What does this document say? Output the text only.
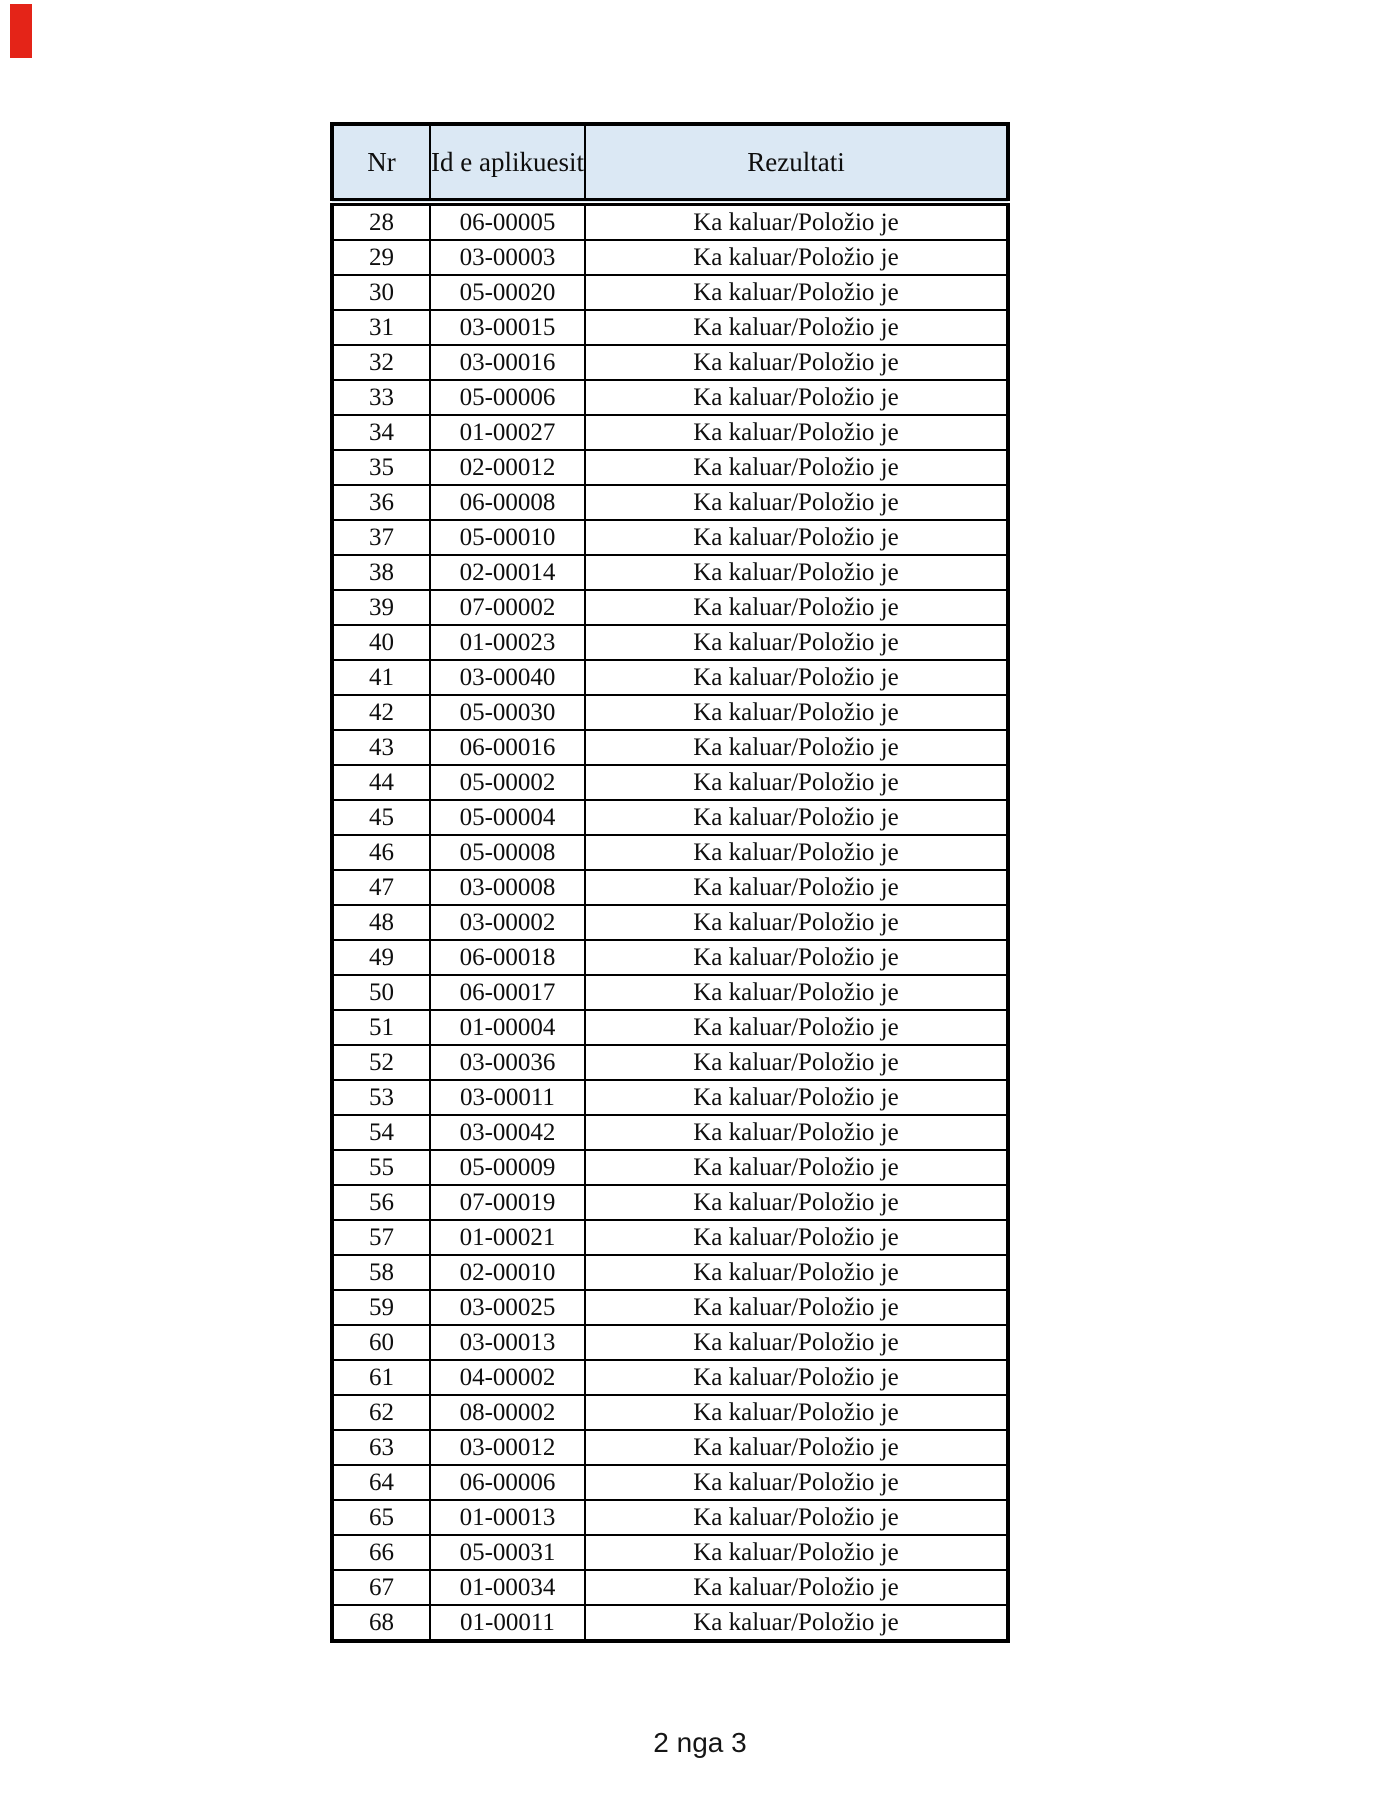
Nr	Id e aplikuesit	Rezultati
28	06-00005	Ka kaluar/Položio je
29	03-00003	Ka kaluar/Položio je
30	05-00020	Ka kaluar/Položio je
31	03-00015	Ka kaluar/Položio je
32	03-00016	Ka kaluar/Položio je
33	05-00006	Ka kaluar/Položio je
34	01-00027	Ka kaluar/Položio je
35	02-00012	Ka kaluar/Položio je
36	06-00008	Ka kaluar/Položio je
37	05-00010	Ka kaluar/Položio je
38	02-00014	Ka kaluar/Položio je
39	07-00002	Ka kaluar/Položio je
40	01-00023	Ka kaluar/Položio je
41	03-00040	Ka kaluar/Položio je
42	05-00030	Ka kaluar/Položio je
43	06-00016	Ka kaluar/Položio je
44	05-00002	Ka kaluar/Položio je
45	05-00004	Ka kaluar/Položio je
46	05-00008	Ka kaluar/Položio je
47	03-00008	Ka kaluar/Položio je
48	03-00002	Ka kaluar/Položio je
49	06-00018	Ka kaluar/Položio je
50	06-00017	Ka kaluar/Položio je
51	01-00004	Ka kaluar/Položio je
52	03-00036	Ka kaluar/Položio je
53	03-00011	Ka kaluar/Položio je
54	03-00042	Ka kaluar/Položio je
55	05-00009	Ka kaluar/Položio je
56	07-00019	Ka kaluar/Položio je
57	01-00021	Ka kaluar/Položio je
58	02-00010	Ka kaluar/Položio je
59	03-00025	Ka kaluar/Položio je
60	03-00013	Ka kaluar/Položio je
61	04-00002	Ka kaluar/Položio je
62	08-00002	Ka kaluar/Položio je
63	03-00012	Ka kaluar/Položio je
64	06-00006	Ka kaluar/Položio je
65	01-00013	Ka kaluar/Položio je
66	05-00031	Ka kaluar/Položio je
67	01-00034	Ka kaluar/Položio je
68	01-00011	Ka kaluar/Položio je
2 nga 3
